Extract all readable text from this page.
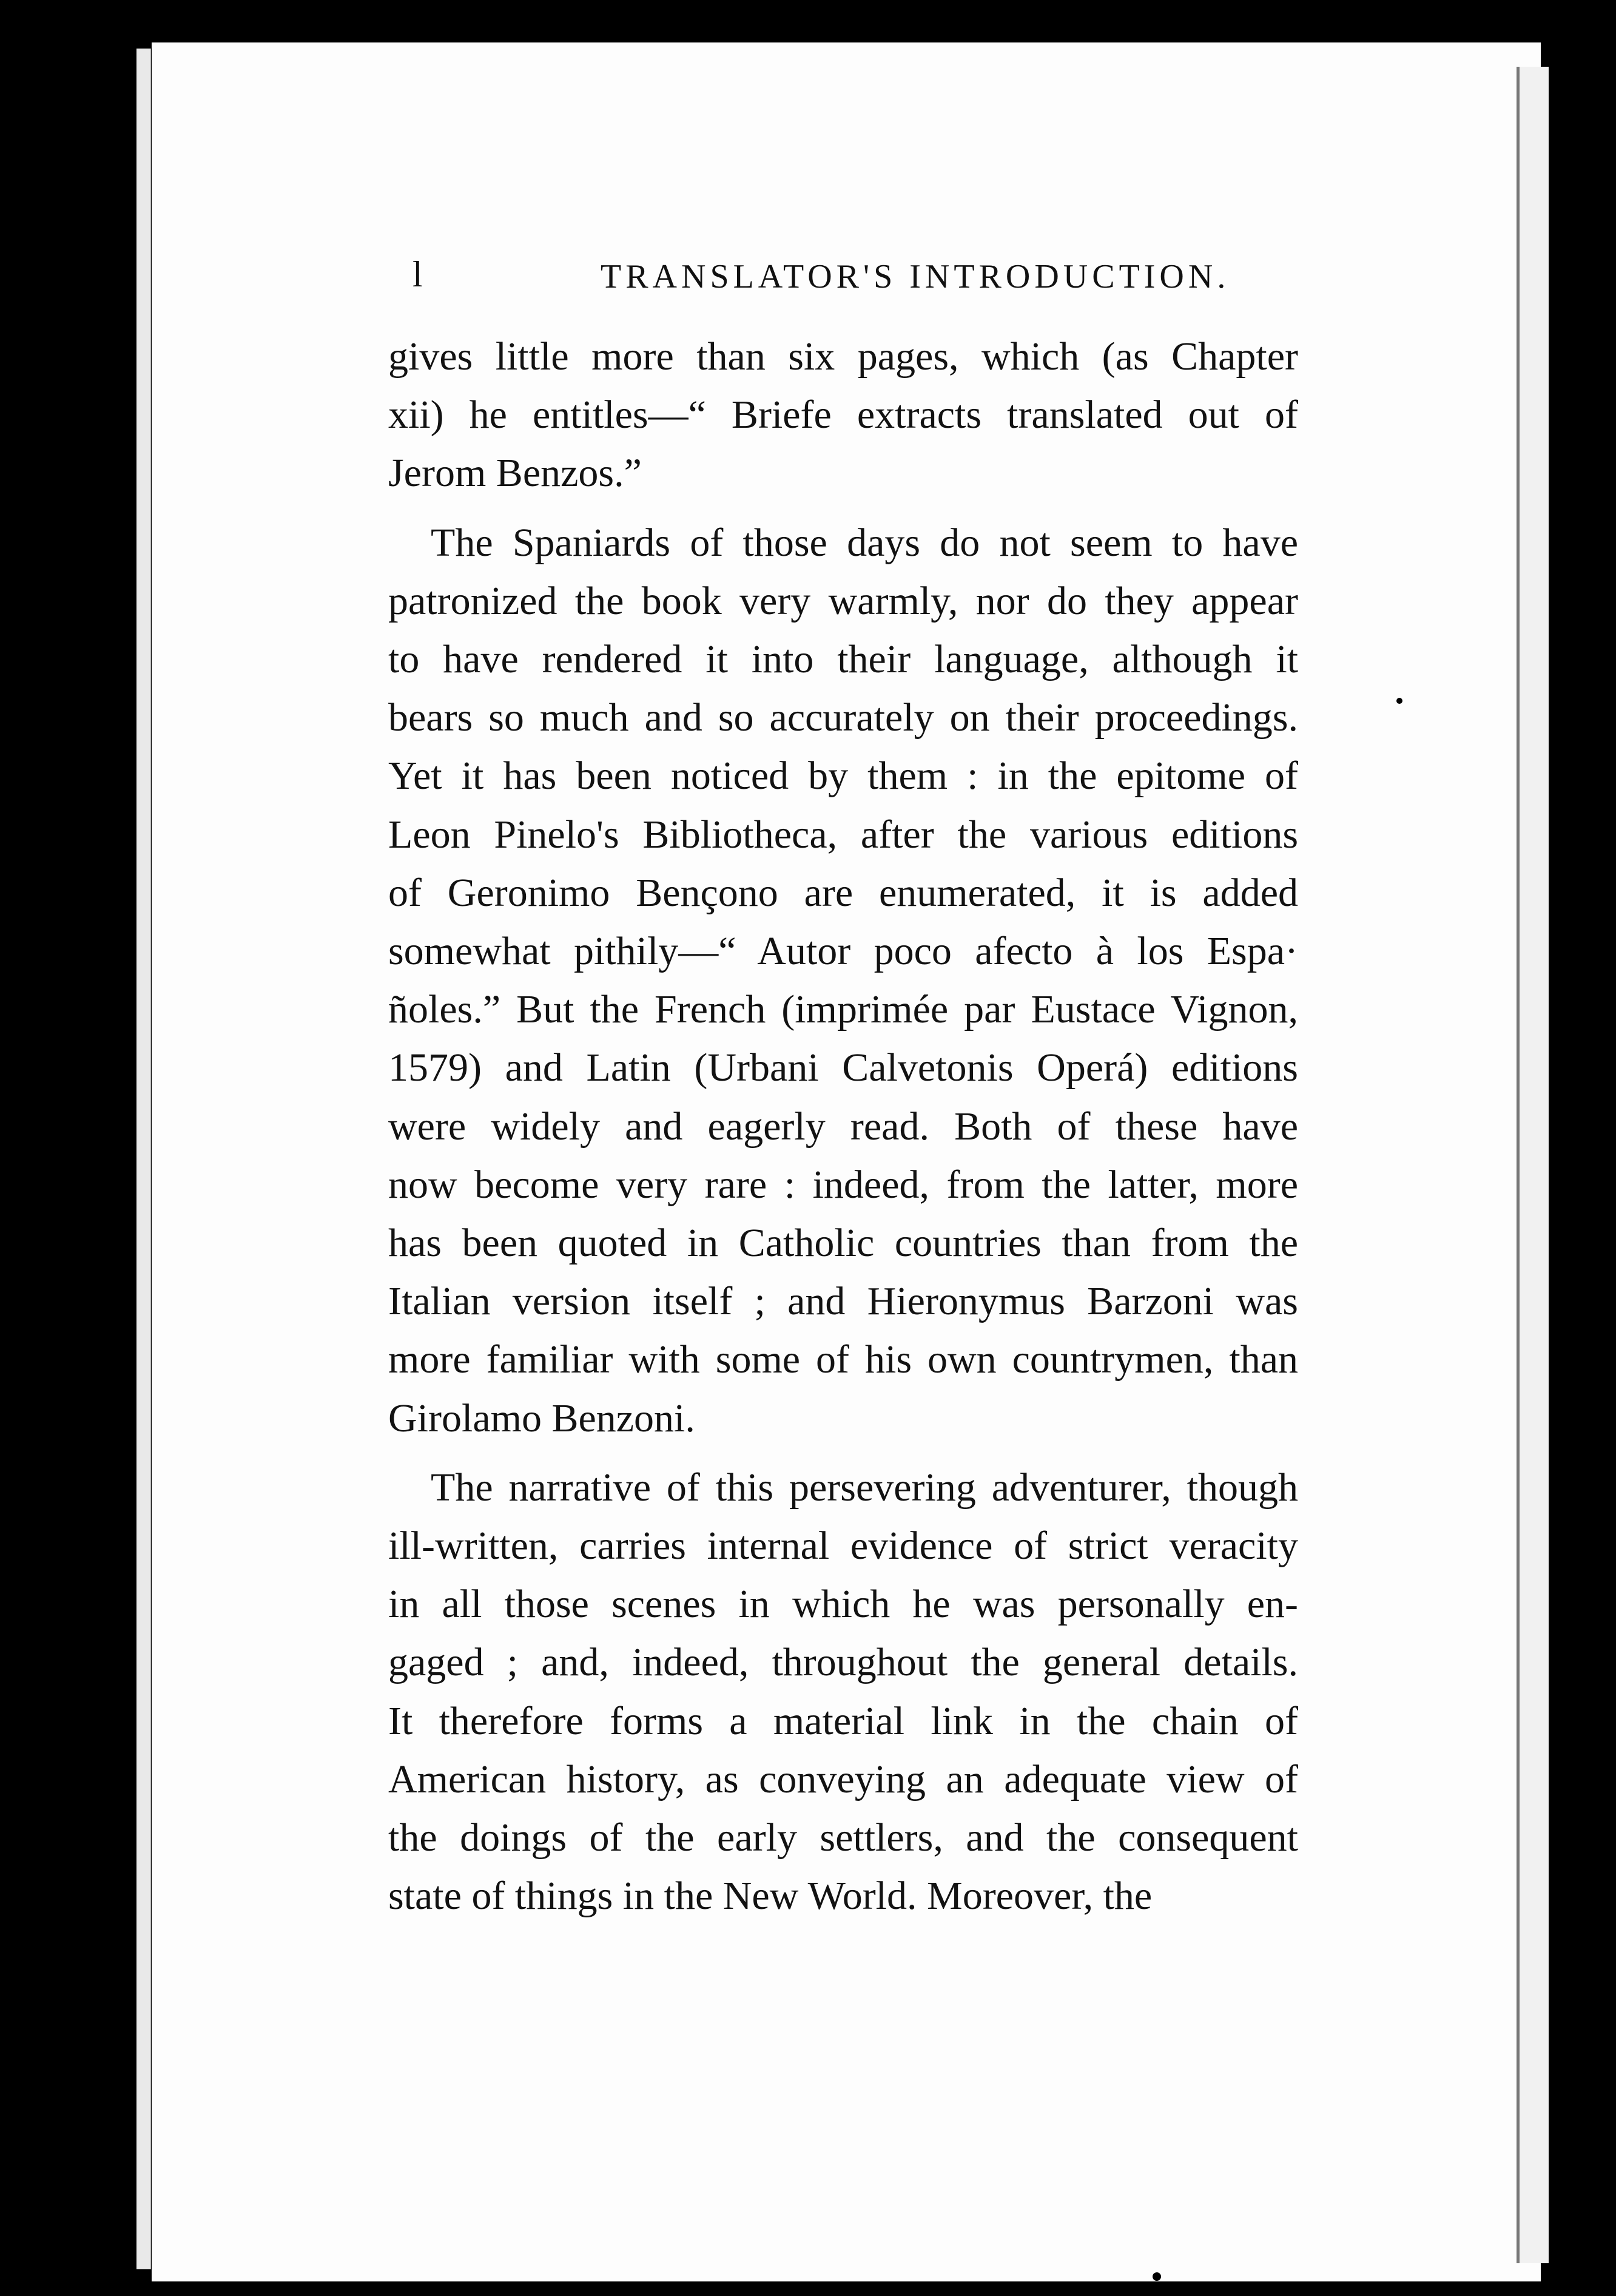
l	TRANSLATOR'S INTRODUCTION.
gives little more than six pages, which (as Chapter
xii) he entitles—“ Briefe extracts translated out of
Jerom Benzos.”
The Spaniards of those days do not seem to have
patronized the book very warmly, nor do they appear
to have rendered it into their language, although it
bears so much and so accurately on their proceedings.
Yet it has been noticed by them : in the epitome of
Leon Pinelo's Bibliotheca, after the various editions
of Geronimo Bençono are enumerated, it is added
somewhat pithily—“ Autor poco afecto à los Espa·
ñoles.” But the French (imprimée par Eustace Vignon,
1579) and Latin (Urbani Calvetonis Operá) editions
were widely and eagerly read. Both of these have
now become very rare : indeed, from the latter, more
has been quoted in Catholic countries than from the
Italian version itself ; and Hieronymus Barzoni was
more familiar with some of his own countrymen, than
Girolamo Benzoni.
The narrative of this persevering adventurer, though
ill-written, carries internal evidence of strict veracity
in all those scenes in which he was personally en-
gaged ; and, indeed, throughout the general details.
It therefore forms a material link in the chain of
American history, as conveying an adequate view of
the doings of the early settlers, and the consequent
state of things in the New World. Moreover, the
